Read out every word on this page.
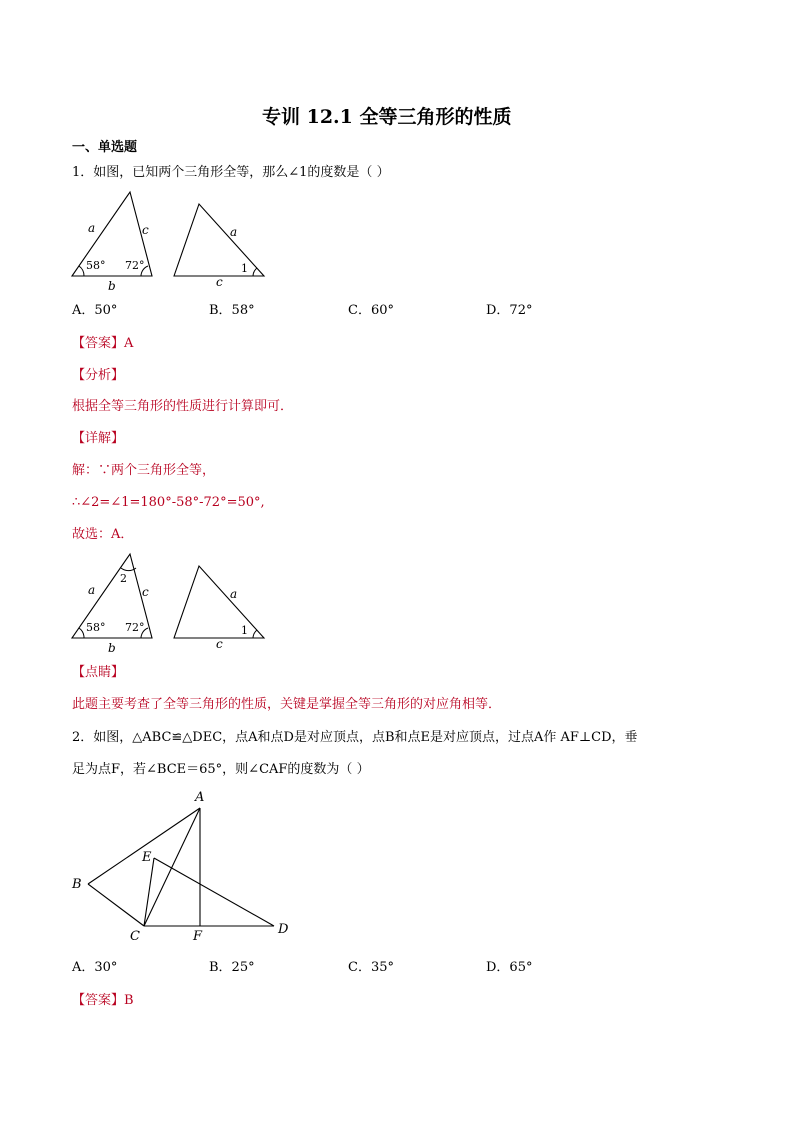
专训 12.1 全等三角形的性质
一、单选题
1．如图，已知两个三角形全等，那么∠1的度数是（ ）
a	c
b
58° 72°
a
c
1
A．50°	B．58°	C．60°	D．72°
【答案】A
【分析】
根据全等三角形的性质进行计算即可．
【详解】
解：∵两个三角形全等，
∴∠2=∠1=180°-58°-72°=50°,
故选：A．
2
a	c
b
58° 72°
a
c
1
【点睛】
此题主要考查了全等三角形的性质，关键是掌握全等三角形的对应角相等．
2．如图，△ABC≌△DEC，点A和点D是对应顶点，点B和点E是对应顶点，过点A作 AF⊥CD，垂
足为点F，若∠BCE＝65°，则∠CAF的度数为（ ）
A
B
C	D
E
F
A．30°	B．25°	C．35°	D．65°
【答案】B
